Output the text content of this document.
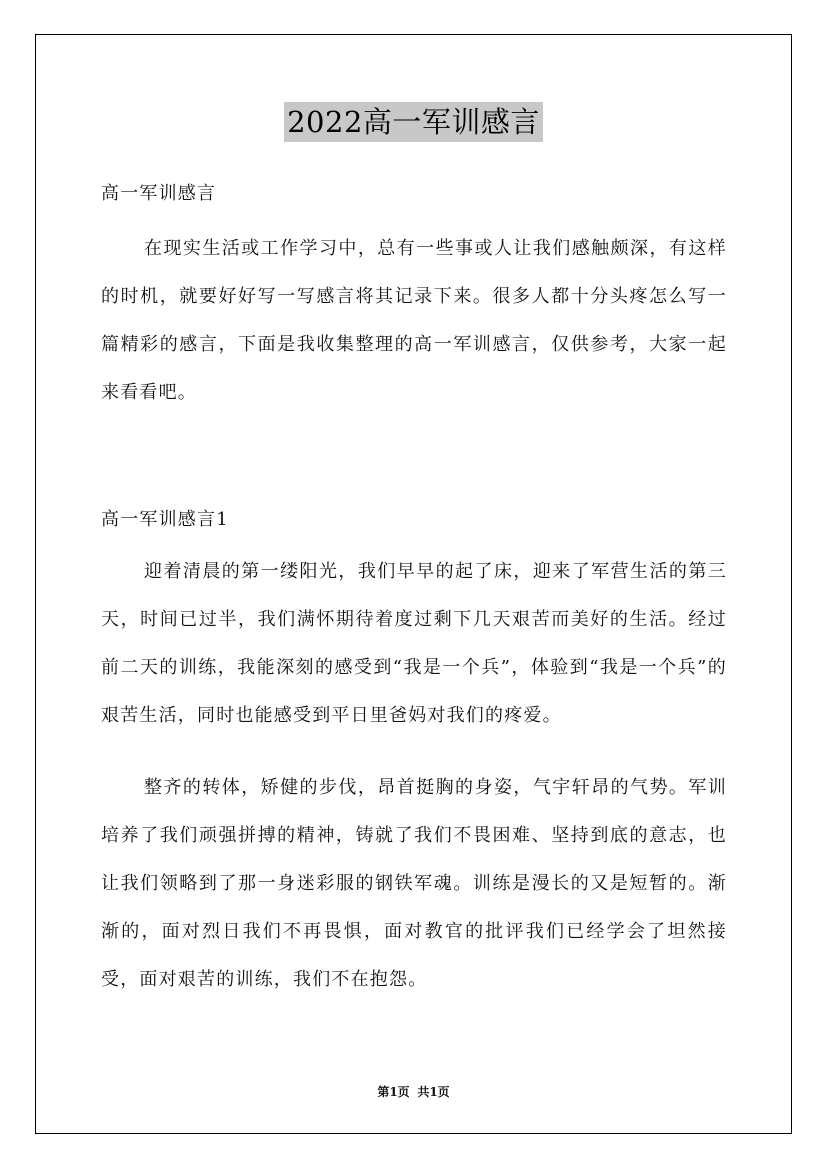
2022高一军训感言
高一军训感言

在现实生活或工作学习中，总有一些事或人让我们感触颇深，有这样的时机，就要好好写一写感言将其记录下来。很多人都十分头疼怎么写一篇精彩的感言，下面是我收集整理的高一军训感言，仅供参考，大家一起来看看吧。

高一军训感言1

迎着清晨的第一缕阳光，我们早早的起了床，迎来了军营生活的第三天，时间已过半，我们满怀期待着度过剩下几天艰苦而美好的生活。经过前二天的训练，我能深刻的感受到“我是一个兵”，体验到“我是一个兵”的艰苦生活，同时也能感受到平日里爸妈对我们的疼爱。

整齐的转体，矫健的步伐，昂首挺胸的身姿，气宇轩昂的气势。军训培养了我们顽强拼搏的精神，铸就了我们不畏困难、坚持到底的意志，也让我们领略到了那一身迷彩服的钢铁军魂。训练是漫长的又是短暂的。渐渐的，面对烈日我们不再畏惧，面对教官的批评我们已经学会了坦然接受，面对艰苦的训练，我们不在抱怨。

第1页 共1页
